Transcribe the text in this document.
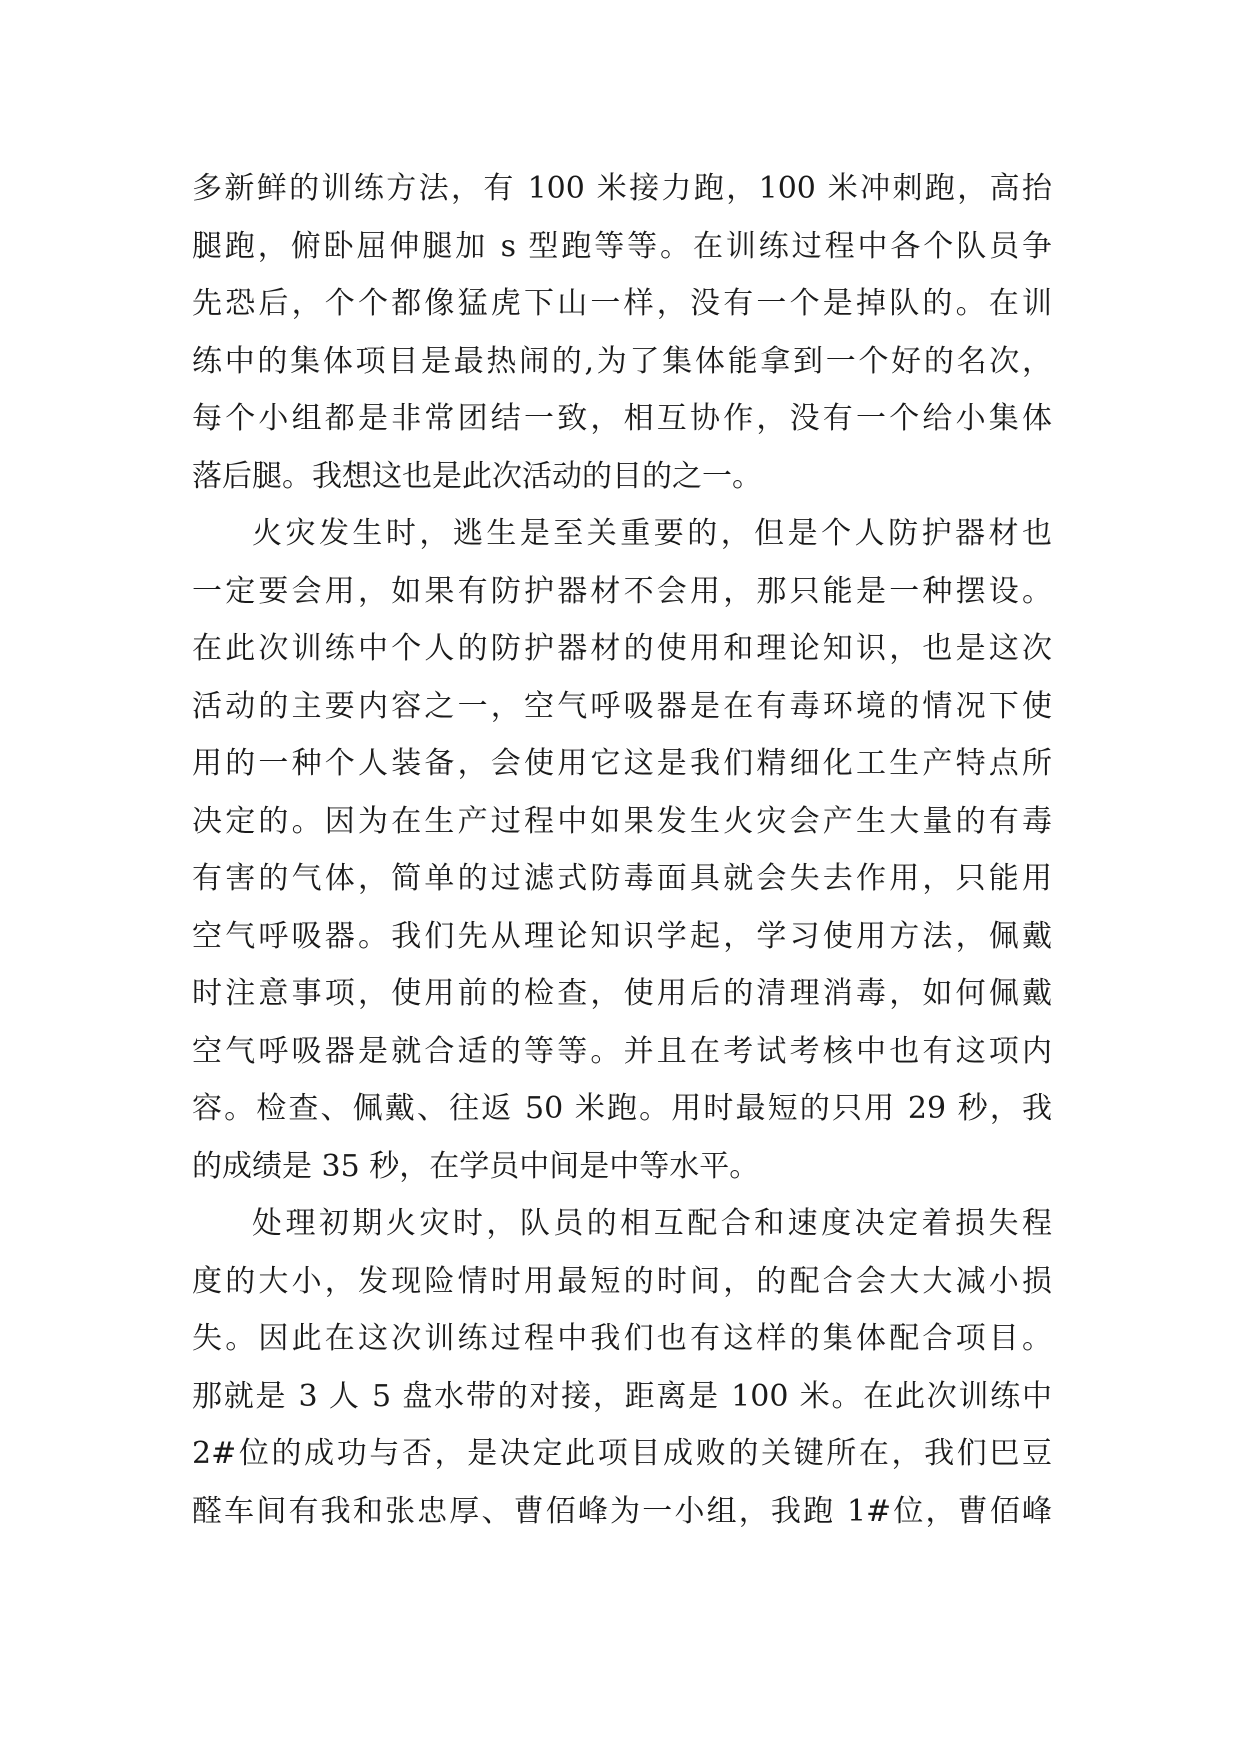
多新鲜的训练方法，有 100 米接力跑，100 米冲刺跑，高抬
腿跑，俯卧屈伸腿加 s 型跑等等。在训练过程中各个队员争
先恐后，个个都像猛虎下山一样，没有一个是掉队的。在训
练中的集体项目是最热闹的,为了集体能拿到一个好的名次，
每个小组都是非常团结一致，相互协作，没有一个给小集体
落后腿。我想这也是此次活动的目的之一。
火灾发生时，逃生是至关重要的，但是个人防护器材也
一定要会用，如果有防护器材不会用，那只能是一种摆设。
在此次训练中个人的防护器材的使用和理论知识，也是这次
活动的主要内容之一，空气呼吸器是在有毒环境的情况下使
用的一种个人装备，会使用它这是我们精细化工生产特点所
决定的。因为在生产过程中如果发生火灾会产生大量的有毒
有害的气体，简单的过滤式防毒面具就会失去作用，只能用
空气呼吸器。我们先从理论知识学起，学习使用方法，佩戴
时注意事项，使用前的检查，使用后的清理消毒，如何佩戴
空气呼吸器是就合适的等等。并且在考试考核中也有这项内
容。检查、佩戴、往返 50 米跑。用时最短的只用 29 秒，我
的成绩是 35 秒，在学员中间是中等水平。
处理初期火灾时，队员的相互配合和速度决定着损失程
度的大小，发现险情时用最短的时间，的配合会大大减小损
失。因此在这次训练过程中我们也有这样的集体配合项目。
那就是 3 人 5 盘水带的对接，距离是 100 米。在此次训练中
2#位的成功与否，是决定此项目成败的关键所在，我们巴豆
醛车间有我和张忠厚、曹佰峰为一小组，我跑 1#位，曹佰峰
